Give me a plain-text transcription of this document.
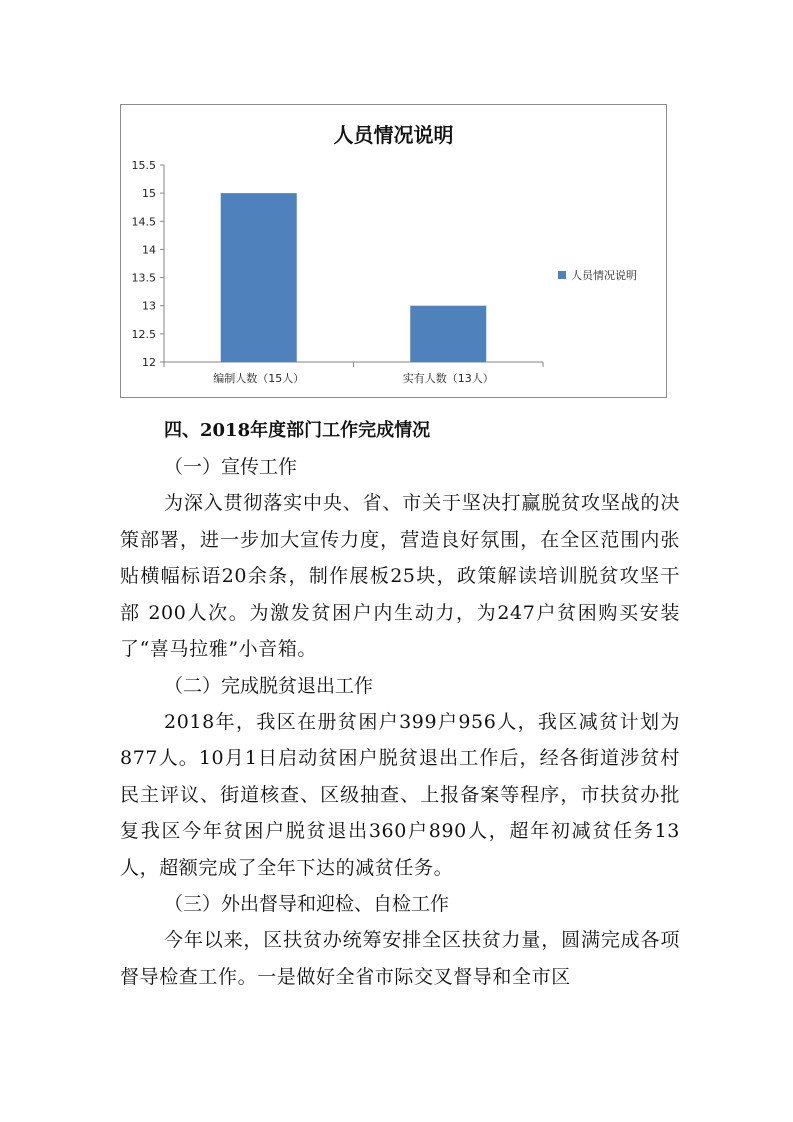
人员情况说明
12
12.5
13
13.5
14
14.5
15
15.5
编制人数（15人）	实有人数（13人）
人员情况说明
四、2018年度部门工作完成情况
（一）宣传工作

为深入贯彻落实中央、省、市关于坚决打赢脱贫攻坚战的决策部署，进一步加大宣传力度，营造良好氛围，在全区范围内张贴横幅标语20余条，制作展板25块，政策解读培训脱贫攻坚干部 200人次。为激发贫困户内生动力，为247户贫困购买安装了“喜马拉雅”小音箱。

（二）完成脱贫退出工作

2018年，我区在册贫困户399户956人，我区减贫计划为877人。10月1日启动贫困户脱贫退出工作后，经各街道涉贫村民主评议、街道核查、区级抽查、上报备案等程序，市扶贫办批复我区今年贫困户脱贫退出360户890人，超年初减贫任务13人，超额完成了全年下达的减贫任务。

（三）外出督导和迎检、自检工作

今年以来，区扶贫办统筹安排全区扶贫力量，圆满完成各项督导检查工作。一是做好全省市际交叉督导和全市区
